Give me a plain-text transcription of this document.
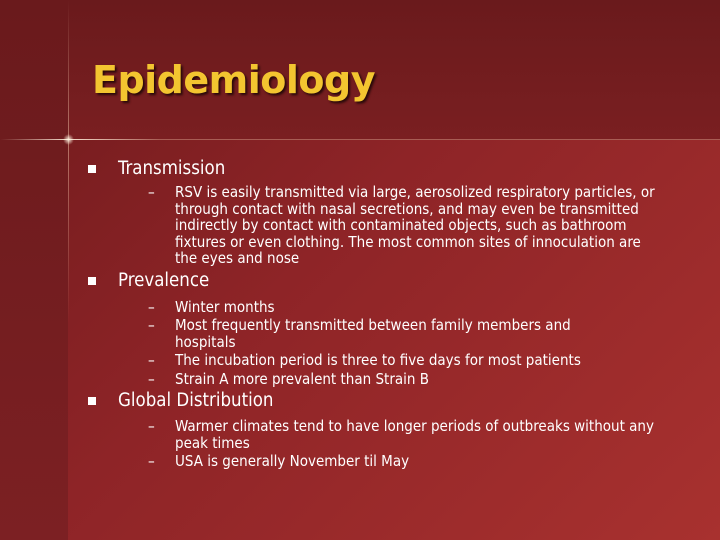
Epidemiology
Transmission
– RSV is easily transmitted via large, aerosolized respiratory particles, or through contact with nasal secretions, and may even be transmitted indirectly by contact with contaminated objects, such as bathroom fixtures or even clothing. The most common sites of innoculation are the eyes and nose
Prevalence
– Winter months
– Most frequently transmitted between family members and hospitals
– The incubation period is three to five days for most patients
– Strain A more prevalent than Strain B
Global Distribution
– Warmer climates tend to have longer periods of outbreaks without any peak times
– USA is generally November til May
